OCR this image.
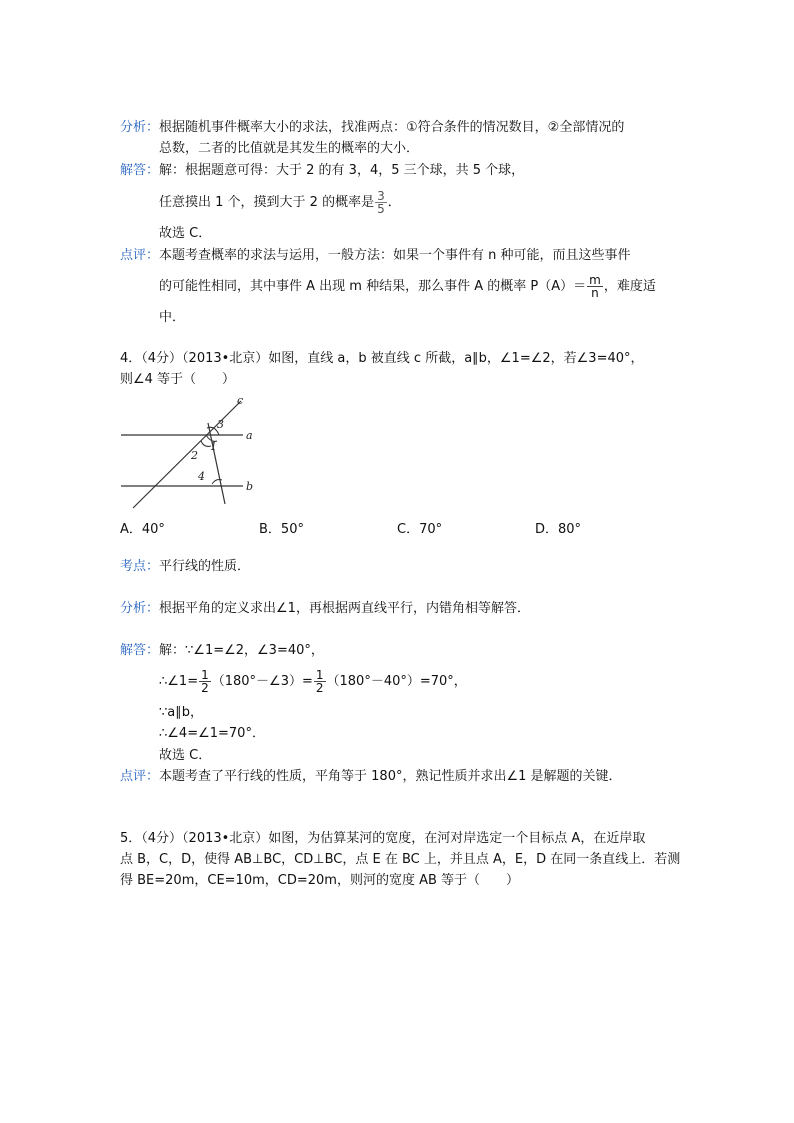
分析：根据随机事件概率大小的求法，找准两点：①符合条件的情况数目，②全部情况的
总数，二者的比值就是其发生的概率的大小．
解答：解：根据题意可得：大于 2 的有 3，4，5 三个球，共 5 个球，
任意摸出 1 个，摸到大于 2 的概率是 $\frac{3}{5}$ ．
故选 C．
点评：本题考查概率的求法与运用，一般方法：如果一个事件有 n 种可能，而且这些事件
的可能性相同，其中事件 A 出现 m 种结果，那么事件 A 的概率 $P(A)= \frac{m}{n}$ ，难度适
中．
4．（4分）（2013•北京）如图，直线 a，b 被直线 c 所截，a∥b，∠1=∠2，若∠3=40°，
则∠4 等于（　　）
c
a
b
3
1
2
4
A．40°	B．50°	C．70°	D．80°
考点：平行线的性质．
分析：根据平角的定义求出∠1，再根据两直线平行，内错角相等解答．
解答：解：∵∠1=∠2，∠3=40°，
∴∠1= $\frac{1}{2}$ （180°－∠3）= $\frac{1}{2} (180^\circ-40^\circ)=70^\circ$，
∵a∥b，
∴∠4=∠1=70°．
故选 C．
点评：本题考查了平行线的性质，平角等于 180°，熟记性质并求出∠1 是解题的关键．
5．（4分）（2013•北京）如图，为估算某河的宽度，在河对岸选定一个目标点 A，在近岸取
点 B，C，D，使得 AB⊥BC，CD⊥BC，点 E 在 BC 上，并且点 A，E，D 在同一条直线上．若测
得 BE=20m，CE=10m，CD=20m，则河的宽度 AB 等于（　　）
